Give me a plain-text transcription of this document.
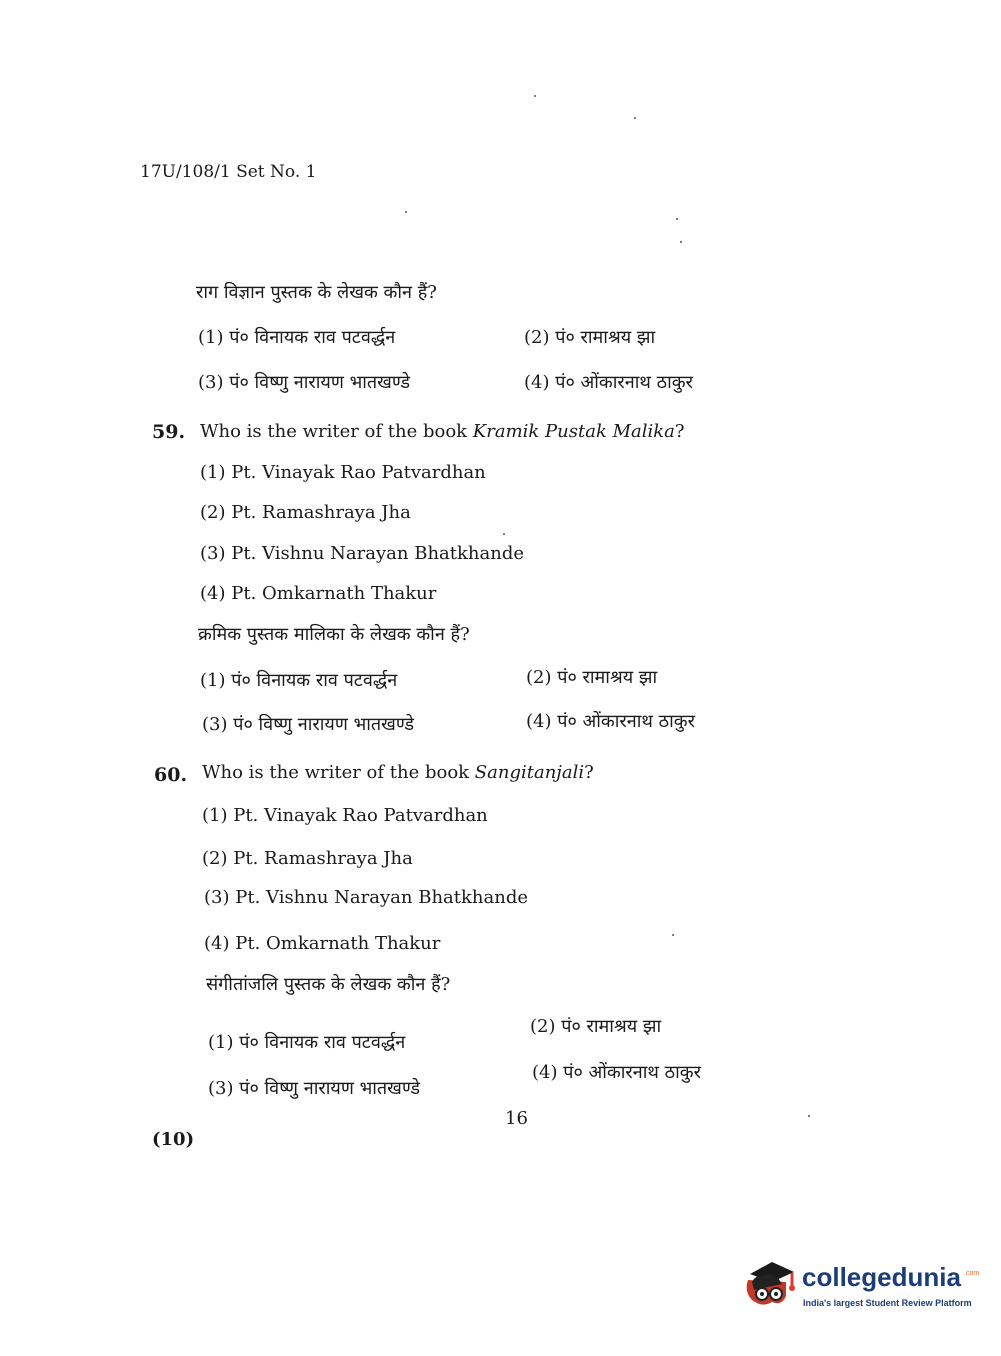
17U/108/1 Set No. 1
राग विज्ञान पुस्तक के लेखक कौन हैं?
(1) पं० विनायक राव पटवर्द्धन	(2) पं० रामाश्रय झा
(3) पं० विष्णु नारायण भातखण्डे	(4) पं० ओंकारनाथ ठाकुर
59. Who is the writer of the book Kramik Pustak Malika?
(1) Pt. Vinayak Rao Patvardhan
(2) Pt. Ramashraya Jha
(3) Pt. Vishnu Narayan Bhatkhande
(4) Pt. Omkarnath Thakur
क्रमिक पुस्तक मालिका के लेखक कौन हैं?
(1) पं० विनायक राव पटवर्द्धन	(2) पं० रामाश्रय झा
(3) पं० विष्णु नारायण भातखण्डे	(4) पं० ओंकारनाथ ठाकुर
60. Who is the writer of the book Sangitanjali?
(1) Pt. Vinayak Rao Patvardhan
(2) Pt. Ramashraya Jha
(3) Pt. Vishnu Narayan Bhatkhande
(4) Pt. Omkarnath Thakur
संगीतांजलि पुस्तक के लेखक कौन हैं?
(1) पं० विनायक राव पटवर्द्धन
(2) पं० रामाश्रय झा
(3) पं० विष्णु नारायण भातखण्डे
(4) पं० ओंकारनाथ ठाकुर
16
(10)
collegedunia .com
India's largest Student Review Platform
